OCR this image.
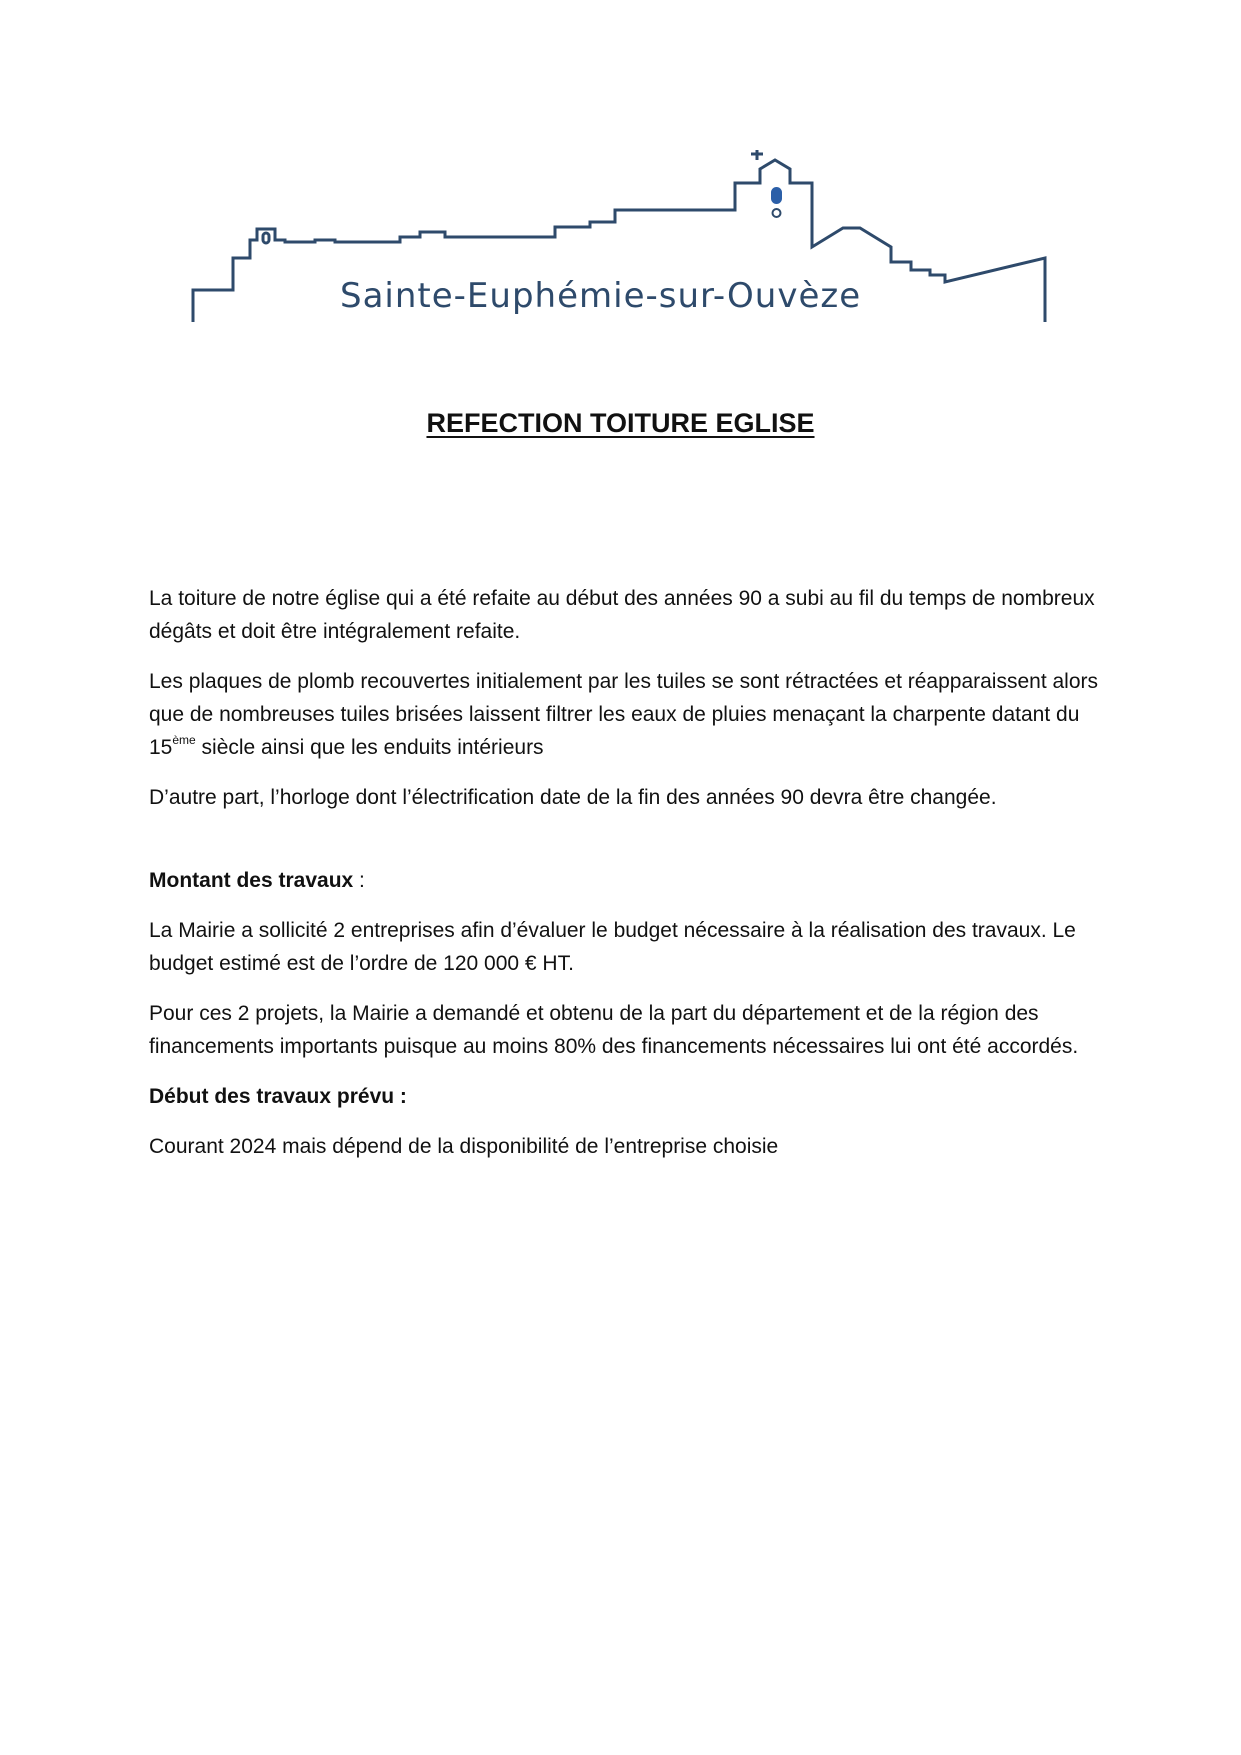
Sainte-Euphémie-sur-Ouvèze
REFECTION TOITURE EGLISE

La toiture de notre église qui a été refaite au début des années 90 a subi au fil du temps de nombreux dégâts et doit être intégralement refaite.

Les plaques de plomb recouvertes initialement par les tuiles se sont rétractées et réapparaissent alors que de nombreuses tuiles brisées laissent filtrer les eaux de pluies menaçant la charpente datant du 15ème siècle ainsi que les enduits intérieurs

D’autre part, l’horloge dont l’électrification date de la fin des années 90 devra être changée.

Montant des travaux :

La Mairie a sollicité 2 entreprises afin d’évaluer le budget nécessaire à la réalisation des travaux. Le budget estimé est de l’ordre de 120 000 € HT.

Pour ces 2 projets, la Mairie a demandé et obtenu de la part du département et de la région des financements importants puisque au moins 80% des financements nécessaires lui ont été accordés.

Début des travaux prévu :

Courant 2024 mais dépend de la disponibilité de l’entreprise choisie
